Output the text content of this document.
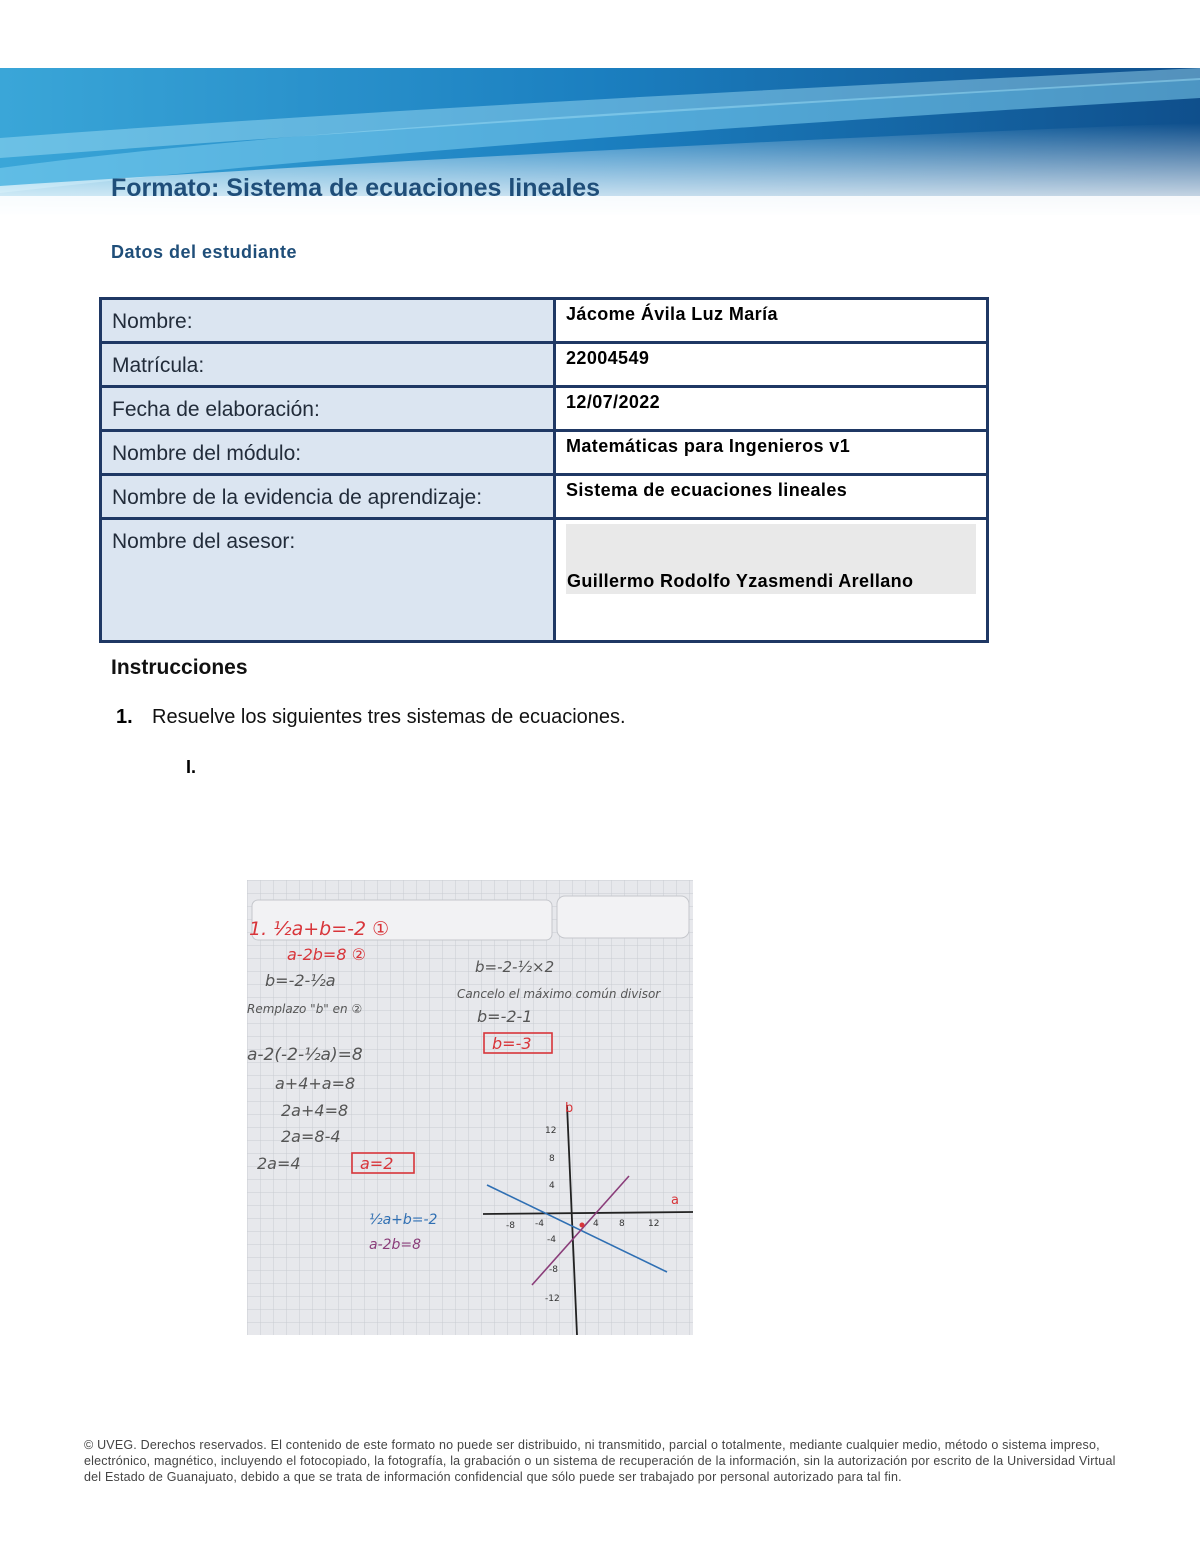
Formato: Sistema de ecuaciones lineales
Datos del estudiante
Nombre:	Jácome Ávila Luz María
Matrícula:	22004549
Fecha de elaboración:	12/07/2022
Nombre del módulo:	Matemáticas para Ingenieros v1
Nombre de la evidencia de aprendizaje:	Sistema de ecuaciones lineales
Nombre del asesor:	Guillermo Rodolfo Yzasmendi Arellano
Instrucciones
1. Resuelve los siguientes tres sistemas de ecuaciones.
I.
1. ½a+b=-2 ①
a-2b=8 ②
b=-2-½a
Remplazo "b" en ②
a-2(-2-½a)=8
a+4+a=8
2a+4=8
2a=8-4
2a=4	a=2
b=-2-½×2
Cancelo el máximo común divisor
b=-2-1
b=-3
½a+b=-2
a-2b=8
b
a
12
8
4
-4
-8
-12
-8 -4	4 8	12
© UVEG. Derechos reservados. El contenido de este formato no puede ser distribuido, ni transmitido, parcial o totalmente, mediante cualquier medio, método o sistema impreso, electrónico, magnético, incluyendo el fotocopiado, la fotografía, la grabación o un sistema de recuperación de la información, sin la autorización por escrito de la Universidad Virtual del Estado de Guanajuato, debido a que se trata de información confidencial que sólo puede ser trabajado por personal autorizado para tal fin.
